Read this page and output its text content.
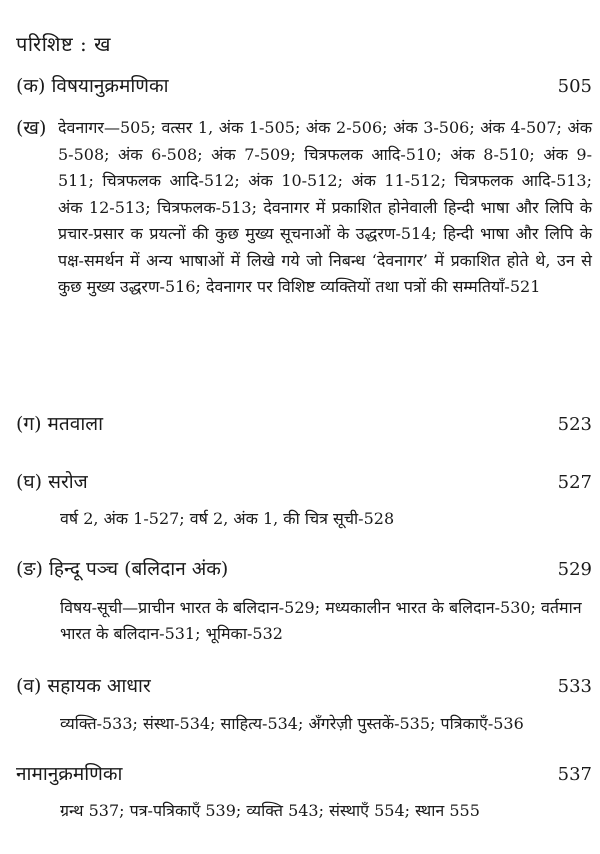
परिशिष्ट : ख
(क) विषयानुक्रमणिका	505
(ख) देवनागर—505; वत्सर 1, अंक 1-505; अंक 2-506; अंक 3-506; अंक 4-507; अंक 5-508; अंक 6-508; अंक 7-509; चित्रफलक आदि-510; अंक 8-510; अंक 9-511; चित्रफलक आदि-512; अंक 10-512; अंक 11-512; चित्रफलक आदि-513; अंक 12-513; चित्रफलक-513; देवनागर में प्रकाशित होनेवाली हिन्दी भाषा और लिपि के प्रचार-प्रसार क प्रयत्नों की कुछ मुख्य सूचनाओं के उद्धरण-514; हिन्दी भाषा और लिपि के पक्ष-समर्थन में अन्य भाषाओं में लिखे गये जो निबन्ध ‘देवनागर’ में प्रकाशित होते थे, उन से कुछ मुख्य उद्धरण-516; देवनागर पर विशिष्ट व्यक्तियों तथा पत्रों की सम्मतियाँ-521
(ग) मतवाला	523
(घ) सरोज	527
वर्ष 2, अंक 1-527; वर्ष 2, अंक 1, की चित्र सूची-528
(ङ) हिन्दू पञ्च (बलिदान अंक)	529
विषय-सूची—प्राचीन भारत के बलिदान-529; मध्यकालीन भारत के बलिदान-530; वर्तमान भारत के बलिदान-531; भूमिका-532
(व) सहायक आधार	533
व्यक्ति-533; संस्था-534; साहित्य-534; अँगरेज़ी पुस्तकें-535; पत्रिकाएँ-536
नामानुक्रमणिका	537
ग्रन्थ 537; पत्र-पत्रिकाएँ 539; व्यक्ति 543; संस्थाएँ 554; स्थान 555
